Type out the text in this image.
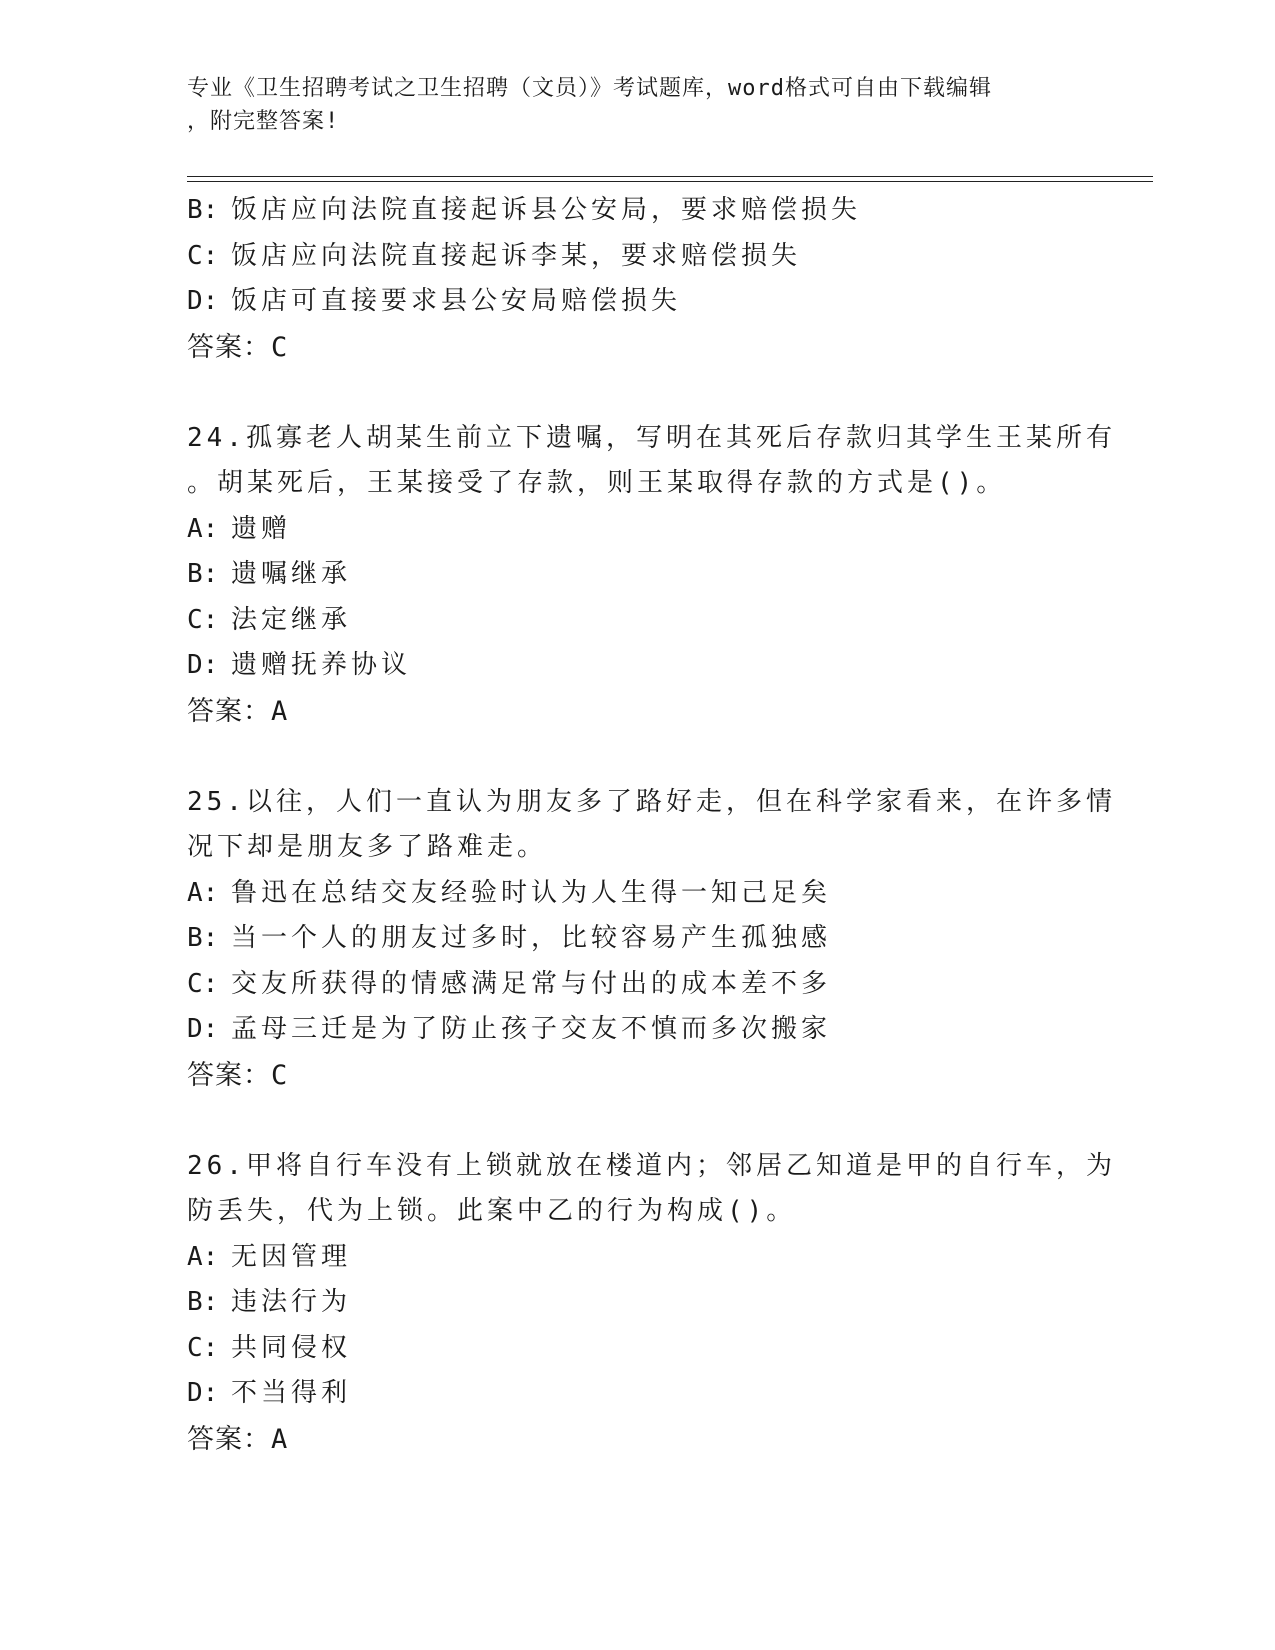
专业《卫生招聘考试之卫生招聘（文员）》考试题库，word格式可自由下载编辑
，附完整答案!
B: 饭店应向法院直接起诉县公安局，要求赔偿损失
C: 饭店应向法院直接起诉李某，要求赔偿损失
D: 饭店可直接要求县公安局赔偿损失
答案：C
24.孤寡老人胡某生前立下遗嘱，写明在其死后存款归其学生王某所有
。胡某死后，王某接受了存款，则王某取得存款的方式是()。
A: 遗赠
B: 遗嘱继承
C: 法定继承
D: 遗赠抚养协议
答案：A
25.以往，人们一直认为朋友多了路好走，但在科学家看来，在许多情
况下却是朋友多了路难走。
A: 鲁迅在总结交友经验时认为人生得一知己足矣
B: 当一个人的朋友过多时，比较容易产生孤独感
C: 交友所获得的情感满足常与付出的成本差不多
D: 孟母三迁是为了防止孩子交友不慎而多次搬家
答案：C
26.甲将自行车没有上锁就放在楼道内；邻居乙知道是甲的自行车，为
防丢失，代为上锁。此案中乙的行为构成()。
A: 无因管理
B: 违法行为
C: 共同侵权
D: 不当得利
答案：A
